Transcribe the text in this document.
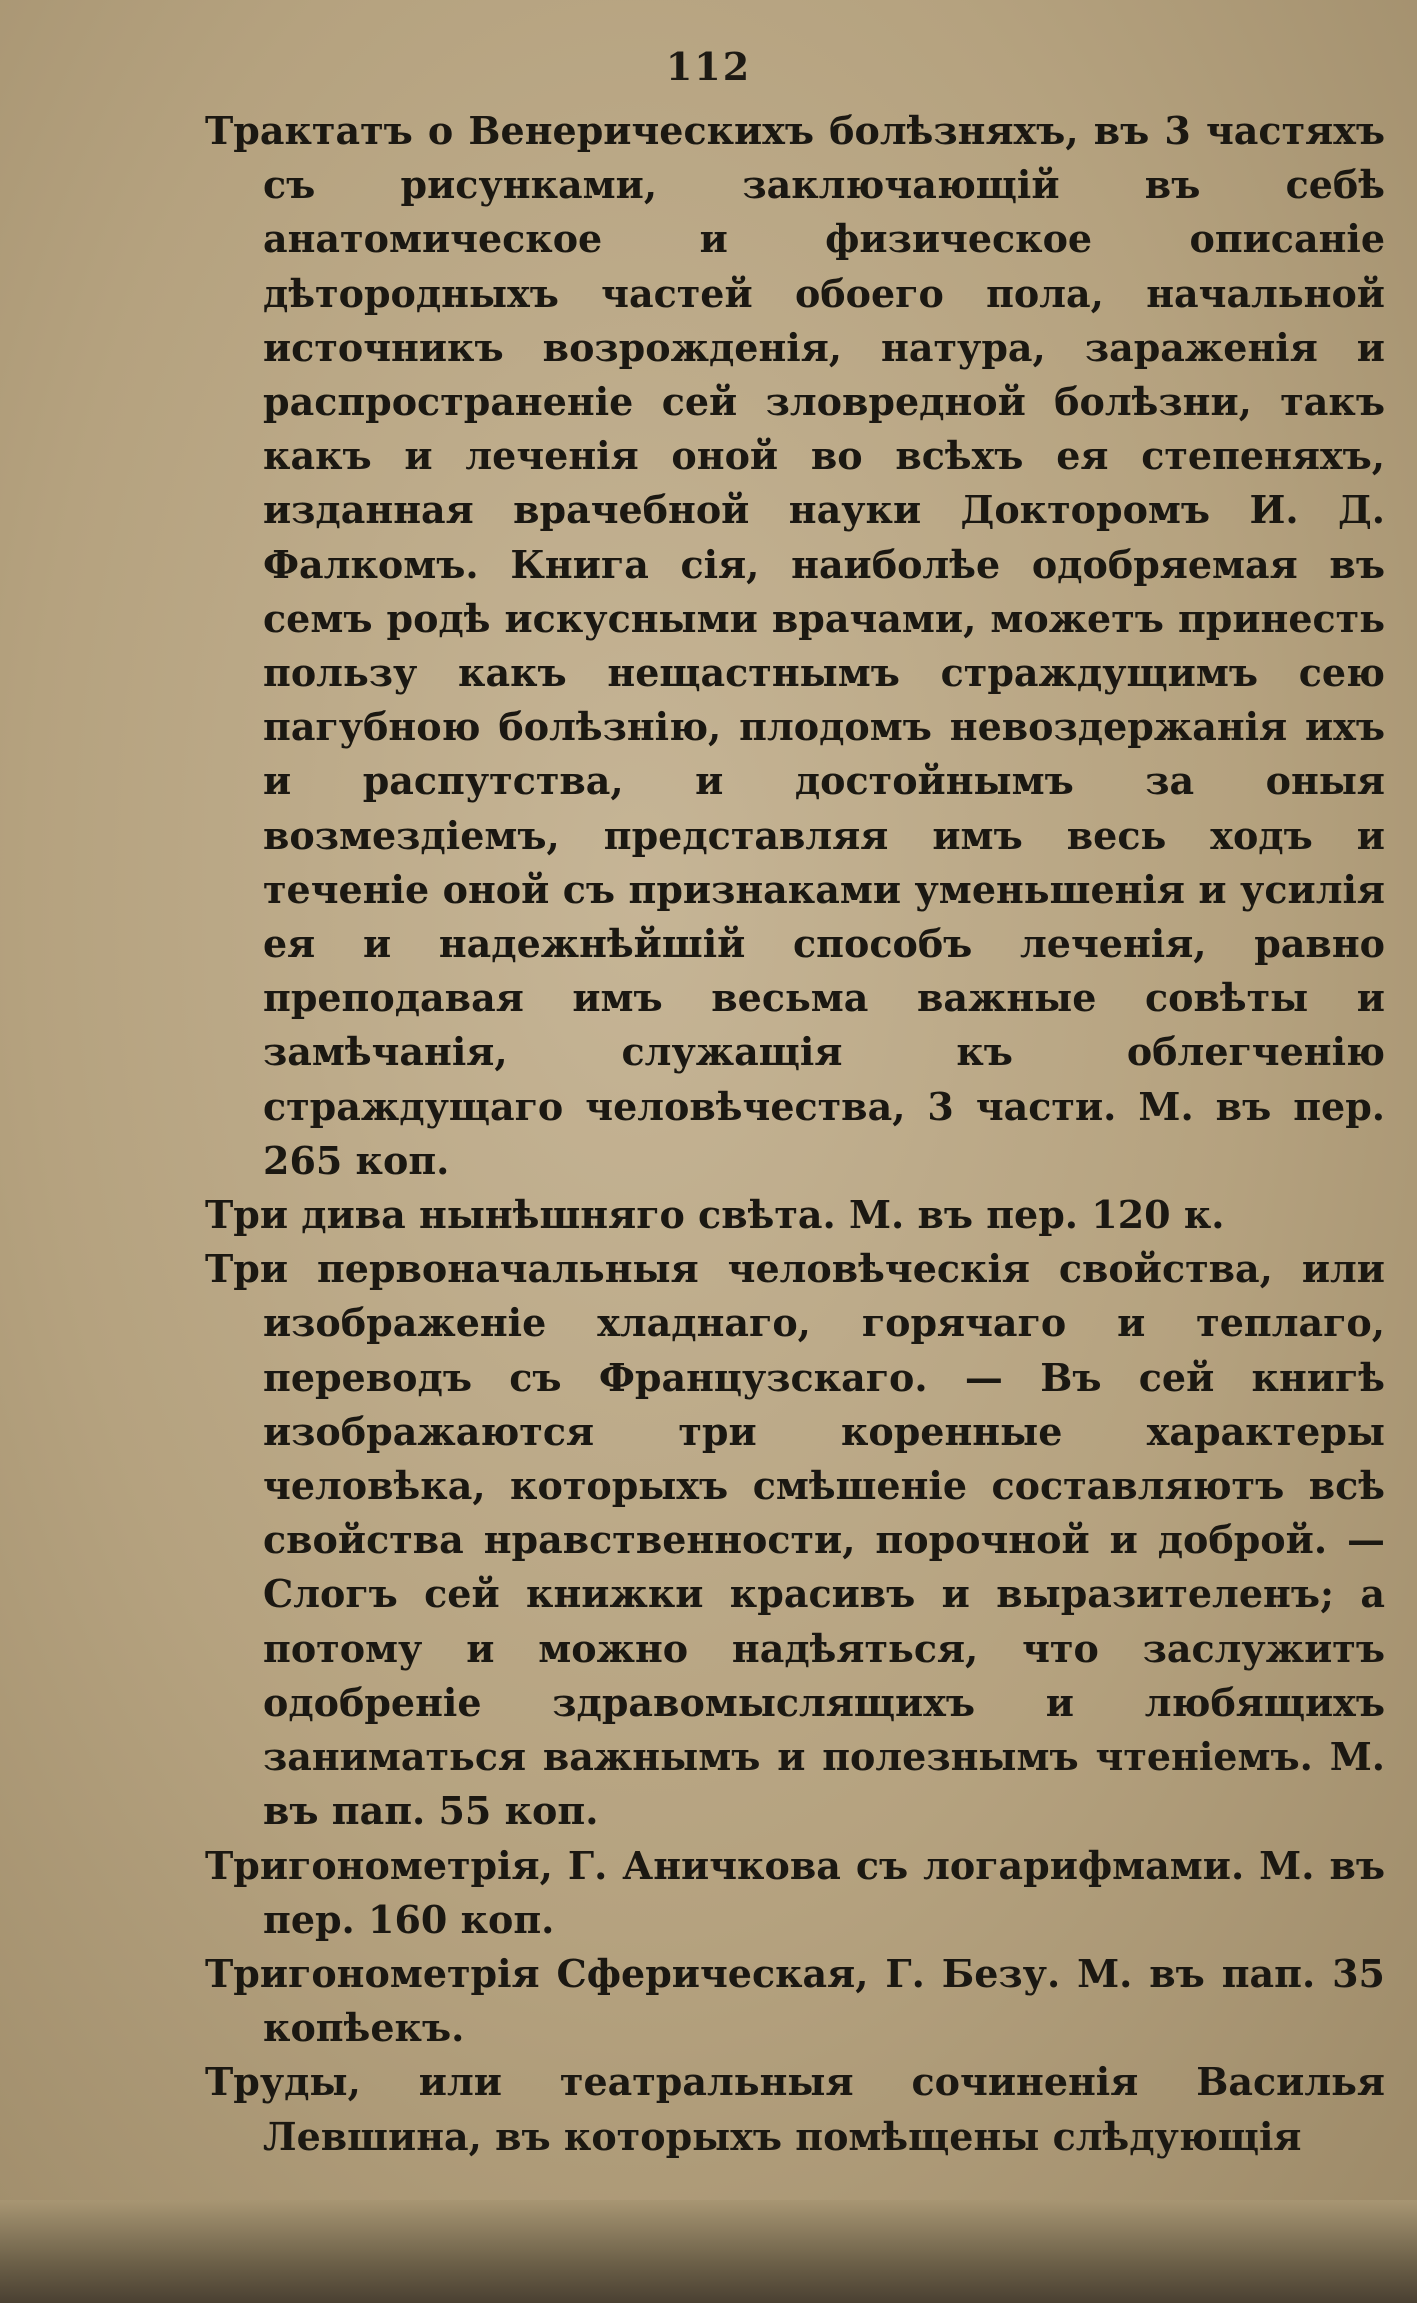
112

Трактатъ о Венерическихъ болѣзняхъ, въ 3 частяхъ съ рисунками, заключающій въ себѣ анатомическое и физическое описаніе дѣтородныхъ частей обоего пола, начальной источникъ возрожденія, натура, зараженія и распространеніе сей зловредной болѣзни, такъ какъ и леченія оной во всѣхъ ея степеняхъ, изданная врачебной науки Докторомъ И. Д. Фалкомъ. Книга сія, наиболѣе одобряемая въ семъ родѣ искусными врачами, можетъ принесть пользу какъ нещастнымъ страждущимъ сею пагубною болѣзнію, плодомъ невоздержанія ихъ и распутства, и достойнымъ за оныя возмездіемъ, представляя имъ весь ходъ и теченіе оной съ признаками уменьшенія и усилія ея и надежнѣйшій способъ леченія, равно преподавая имъ весьма важные совѣты и замѣчанія, служащія къ облегченію страждущаго человѣчества, 3 части. М. въ пер. 265 коп.

Три дива нынѣшняго свѣта. М. въ пер. 120 к.

Три первоначальныя человѣческія свойства, или изображеніе хладнаго, горячаго и теплаго, переводъ съ Французскаго. — Въ сей книгѣ изображаются три коренные характеры человѣка, которыхъ смѣшеніе составляютъ всѣ свойства нравственности, порочной и доброй. — Слогъ сей книжки красивъ и выразителенъ; а потому и можно надѣяться, что заслужитъ одобреніе здравомыслящихъ и любящихъ заниматься важнымъ и полезнымъ чтеніемъ. М. въ пап. 55 коп.

Тригонометрія, Г. Аничкова съ логарифмами. М. въ пер. 160 коп.

Тригонометрія Сферическая, Г. Безу. М. въ пап. 35 копѣекъ.

Труды, или театральныя сочиненія Василья Левшина, въ которыхъ помѣщены слѣдующія
